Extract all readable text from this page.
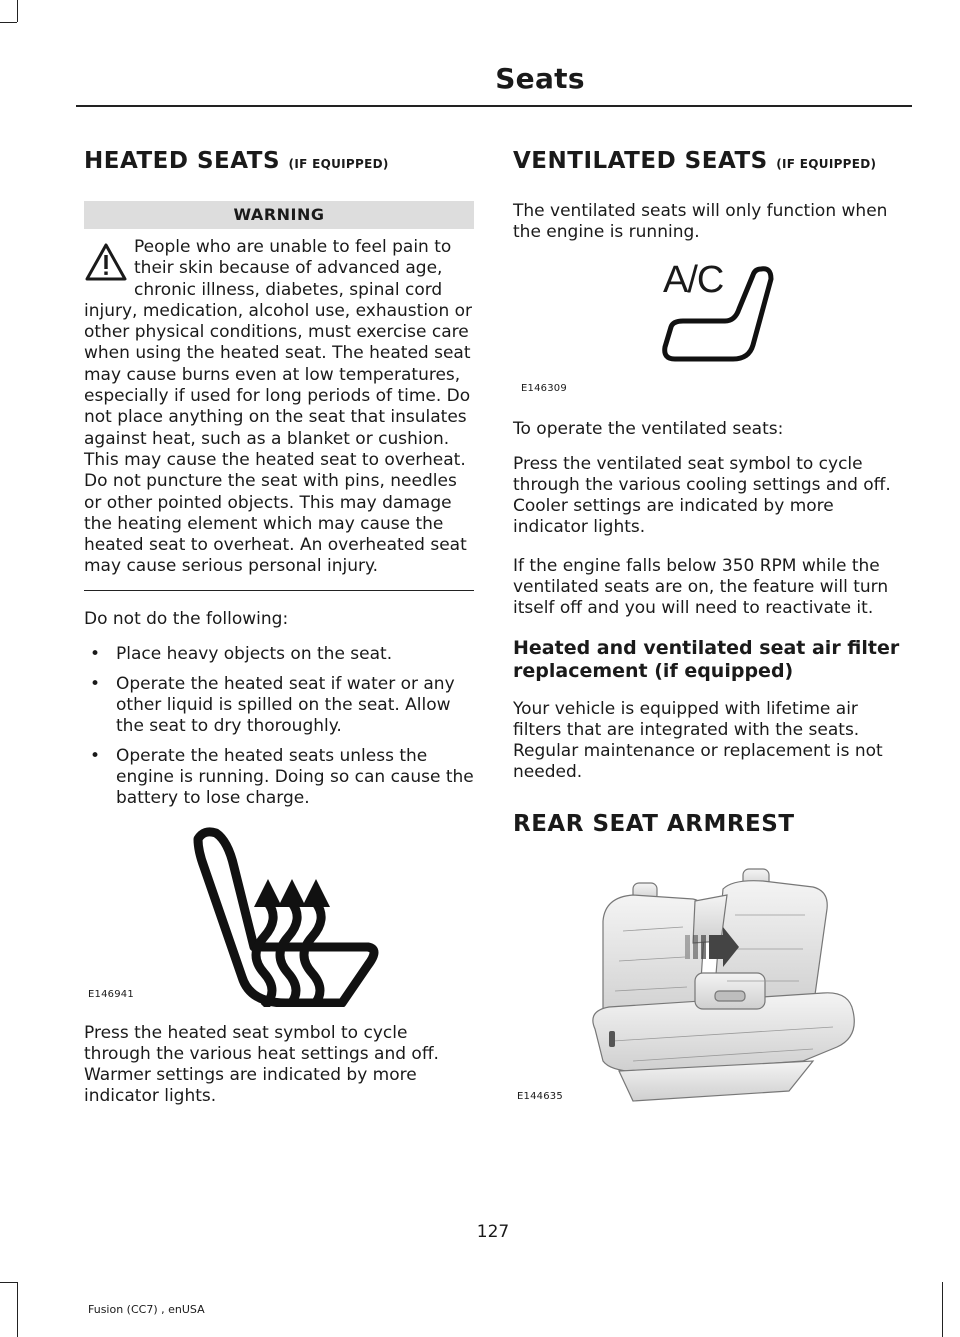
Seats
HEATED SEATS (IF EQUIPPED)
WARNING

People who are unable to feel pain to their skin because of advanced age, chronic illness, diabetes, spinal cord injury, medication, alcohol use, exhaustion or other physical conditions, must exercise care when using the heated seat. The heated seat may cause burns even at low temperatures, especially if used for long periods of time. Do not place anything on the seat that insulates against heat, such as a blanket or cushion. This may cause the heated seat to overheat. Do not puncture the seat with pins, needles or other pointed objects. This may damage the heating element which may cause the heated seat to overheat. An overheated seat may cause serious personal injury.

Do not do the following:

• Place heavy objects on the seat.
• Operate the heated seat if water or any other liquid is spilled on the seat. Allow the seat to dry thoroughly.
• Operate the heated seats unless the engine is running. Doing so can cause the battery to lose charge.
E146941

Press the heated seat symbol to cycle through the various heat settings and off. Warmer settings are indicated by more indicator lights.

VENTILATED SEATS (IF EQUIPPED)

The ventilated seats will only function when the engine is running.

A/C
E146309

To operate the ventilated seats:

Press the ventilated seat symbol to cycle through the various cooling settings and off. Cooler settings are indicated by more indicator lights.

If the engine falls below 350 RPM while the ventilated seats are on, the feature will turn itself off and you will need to reactivate it.

Heated and ventilated seat air filter replacement (if equipped)

Your vehicle is equipped with lifetime air filters that are integrated with the seats. Regular maintenance or replacement is not needed.

REAR SEAT ARMREST
E144635
127
Fusion (CC7) , enUSA
